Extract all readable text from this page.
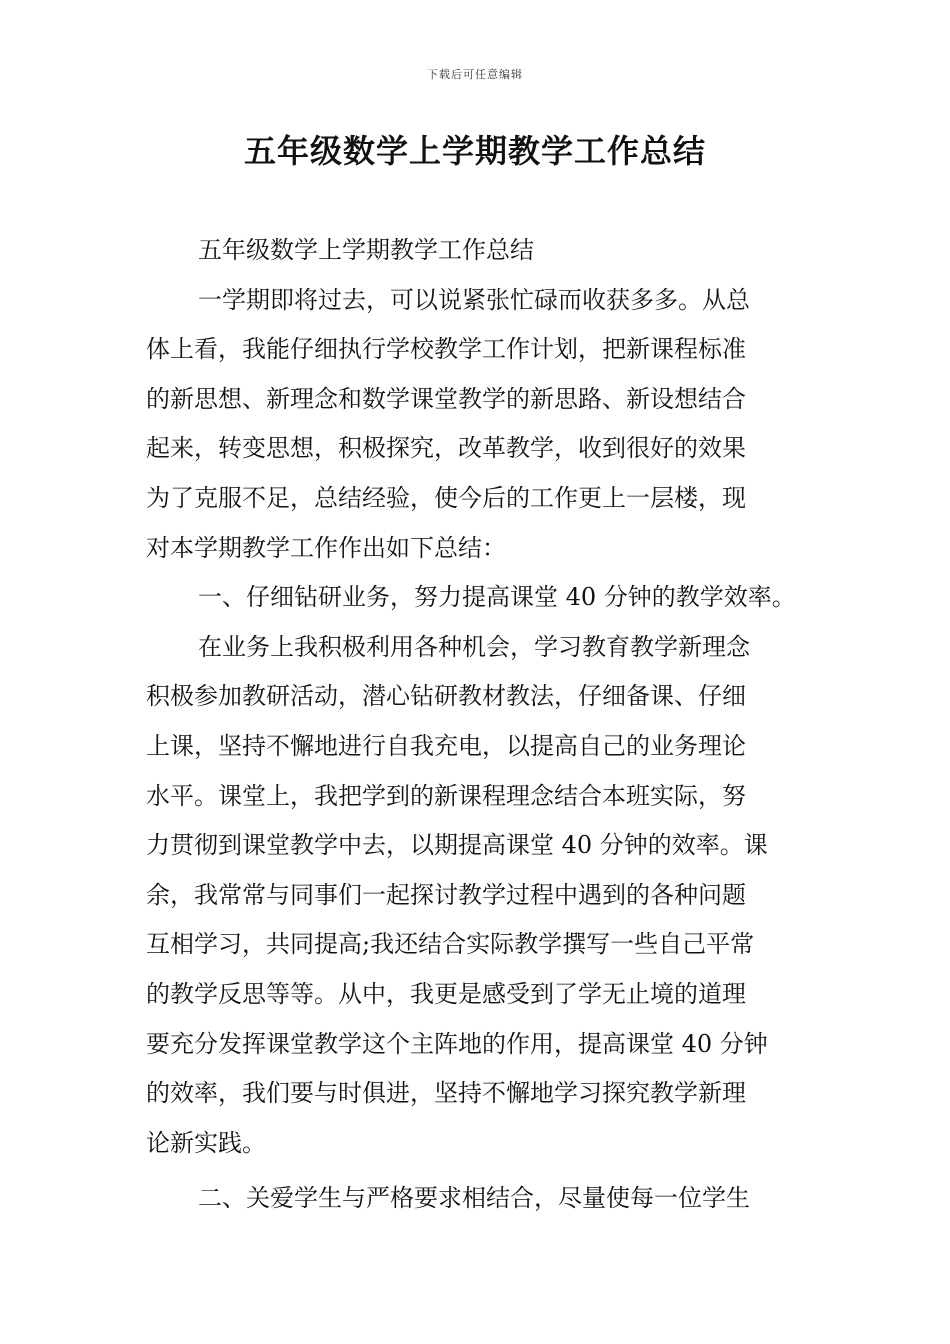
下载后可任意编辑
五年级数学上学期教学工作总结
五年级数学上学期教学工作总结
一学期即将过去，可以说紧张忙碌而收获多多。从总
体上看，我能仔细执行学校教学工作计划，把新课程标准
的新思想、新理念和数学课堂教学的新思路、新设想结合
起来，转变思想，积极探究，改革教学，收到很好的效果
为了克服不足，总结经验，使今后的工作更上一层楼，现
对本学期教学工作作出如下总结：
一、仔细钻研业务，努力提高课堂 40 分钟的教学效率。
在业务上我积极利用各种机会，学习教育教学新理念
积极参加教研活动，潜心钻研教材教法，仔细备课、仔细
上课，坚持不懈地进行自我充电，以提高自己的业务理论
水平。课堂上，我把学到的新课程理念结合本班实际，努
力贯彻到课堂教学中去，以期提高课堂 40 分钟的效率。课
余，我常常与同事们一起探讨教学过程中遇到的各种问题
互相学习，共同提高;我还结合实际教学撰写一些自己平常
的教学反思等等。从中，我更是感受到了学无止境的道理
要充分发挥课堂教学这个主阵地的作用，提高课堂 40 分钟
的效率，我们要与时俱进，坚持不懈地学习探究教学新理
论新实践。
二、关爱学生与严格要求相结合，尽量使每一位学生
